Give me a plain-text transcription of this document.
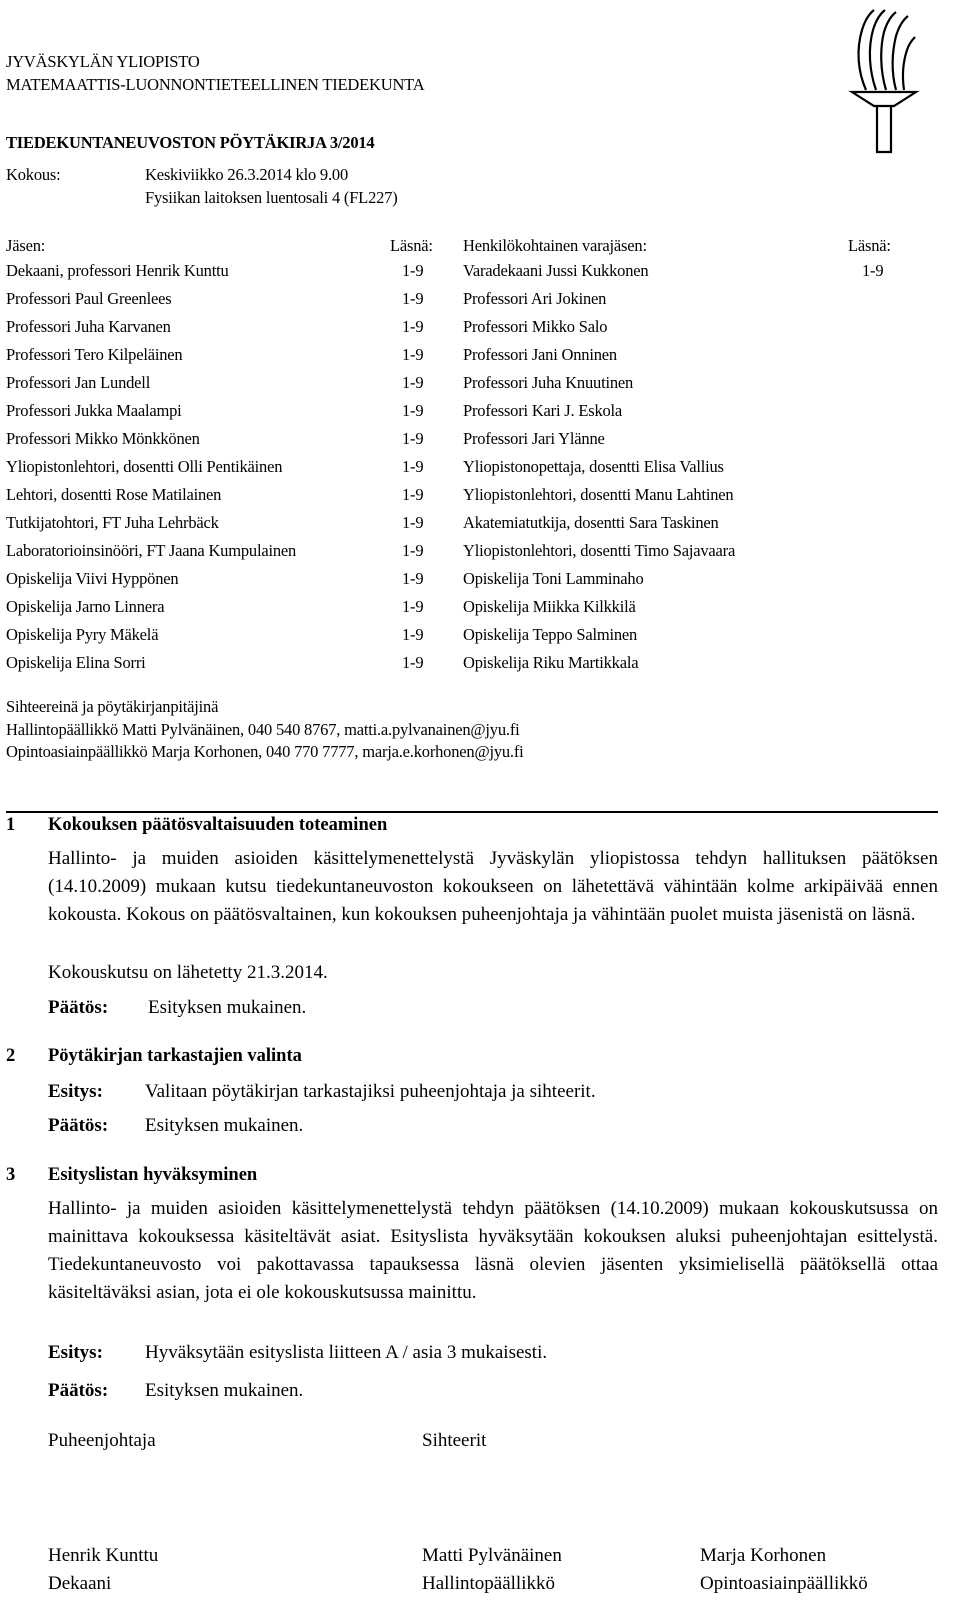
JYVÄSKYLÄN YLIOPISTO
MATEMAATTIS-LUONNONTIETEELLINEN TIEDEKUNTA
TIEDEKUNTANEUVOSTON PÖYTÄKIRJA 3/2014
Kokous:	Keskiviikko 26.3.2014 klo 9.00
Fysiikan laitoksen luentosali 4 (FL227)
Jäsen:	Läsnä: Henkilökohtainen varajäsen:	Läsnä:
Dekaani, professori Henrik Kunttu	1-9 Varadekaani Jussi Kukkonen	1-9
Professori Paul Greenlees	1-9 Professori Ari Jokinen
Professori Juha Karvanen	1-9 Professori Mikko Salo
Professori Tero Kilpeläinen	1-9 Professori Jani Onninen
Professori Jan Lundell	1-9 Professori Juha Knuutinen
Professori Jukka Maalampi	1-9 Professori Kari J. Eskola
Professori Mikko Mönkkönen	1-9 Professori Jari Ylänne
Yliopistonlehtori, dosentti Olli Pentikäinen	1-9 Yliopistonopettaja, dosentti Elisa Vallius
Lehtori, dosentti Rose Matilainen	1-9 Yliopistonlehtori, dosentti Manu Lahtinen
Tutkijatohtori, FT Juha Lehrbäck	1-9 Akatemiatutkija, dosentti Sara Taskinen
Laboratorioinsinööri, FT Jaana Kumpulainen	1-9 Yliopistonlehtori, dosentti Timo Sajavaara
Opiskelija Viivi Hyppönen	1-9 Opiskelija Toni Lamminaho
Opiskelija Jarno Linnera	1-9 Opiskelija Miikka Kilkkilä
Opiskelija Pyry Mäkelä	1-9 Opiskelija Teppo Salminen
Opiskelija Elina Sorri	1-9 Opiskelija Riku Martikkala
Sihteereinä ja pöytäkirjanpitäjinä
Hallintopäällikkö Matti Pylvänäinen, 040 540 8767, matti.a.pylvanainen@jyu.fi
Opintoasiainpäällikkö Marja Korhonen, 040 770 7777, marja.e.korhonen@jyu.fi
1 Kokouksen päätösvaltaisuuden toteaminen
Hallinto- ja muiden asioiden käsittelymenettelystä Jyväskylän yliopistossa tehdyn hallituksen päätöksen (14.10.2009) mukaan kutsu tiedekuntaneuvoston kokoukseen on lähetettävä vähintään kolme arkipäivää ennen kokousta. Kokous on päätösvaltainen, kun kokouksen puheenjohtaja ja vähintään puolet muista jäsenistä on läsnä.
Kokouskutsu on lähetetty 21.3.2014.
Päätös: Esityksen mukainen.
2 Pöytäkirjan tarkastajien valinta
Esitys: Valitaan pöytäkirjan tarkastajiksi puheenjohtaja ja sihteerit.
Päätös: Esityksen mukainen.
3 Esityslistan hyväksyminen
Hallinto- ja muiden asioiden käsittelymenettelystä tehdyn päätöksen (14.10.2009) mukaan kokouskutsussa on mainittava kokouksessa käsiteltävät asiat. Esityslista hyväksytään kokouksen aluksi puheenjohtajan esittelystä. Tiedekuntaneuvosto voi pakottavassa tapauksessa läsnä olevien jäsenten yksimielisellä päätöksellä ottaa käsiteltäväksi asian, jota ei ole kokouskutsussa mainittu.
Esitys: Hyväksytään esityslista liitteen A / asia 3 mukaisesti.
Päätös: Esityksen mukainen.
Puheenjohtaja	Sihteerit
Henrik Kunttu
Dekaani
Matti Pylvänäinen
Hallintopäällikkö
Marja Korhonen
Opintoasiainpäällikkö
